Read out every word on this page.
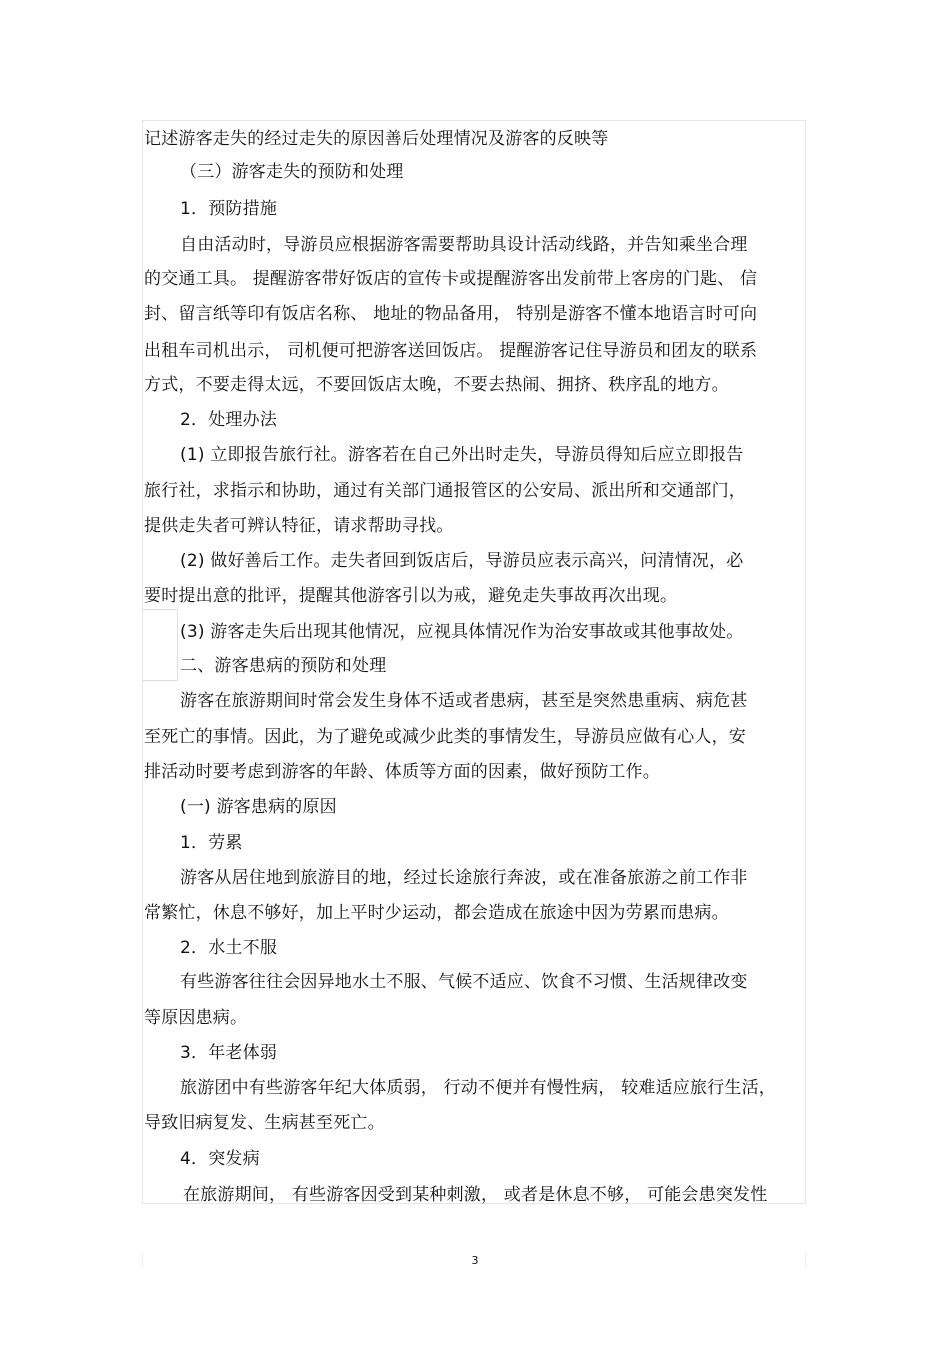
记述游客走失的经过走失的原因善后处理情况及游客的反映等
（三）游客走失的预防和处理
1．预防措施
自由活动时，导游员应根据游客需要帮助具设计活动线路，并告知乘坐合理
的交通工具。 提醒游客带好饭店的宣传卡或提醒游客出发前带上客房的门匙、 信
封、留言纸等印有饭店名称、 地址的物品备用， 特别是游客不懂本地语言时可向
出租车司机出示， 司机便可把游客送回饭店。 提醒游客记住导游员和团友的联系
方式，不要走得太远，不要回饭店太晚，不要去热闹、拥挤、秩序乱的地方。
2．处理办法
(1) 立即报告旅行社。游客若在自己外出时走失，导游员得知后应立即报告
旅行社，求指示和协助，通过有关部门通报管区的公安局、派出所和交通部门，
提供走失者可辨认特征，请求帮助寻找。
(2) 做好善后工作。走失者回到饭店后，导游员应表示高兴，问清情况，必
要时提出意的批评，提醒其他游客引以为戒，避免走失事故再次出现。
(3) 游客走失后出现其他情况，应视具体情况作为治安事故或其他事故处。
二、游客患病的预防和处理
游客在旅游期间时常会发生身体不适或者患病，甚至是突然患重病、病危甚
至死亡的事情。因此，为了避免或减少此类的事情发生，导游员应做有心人，安
排活动时要考虑到游客的年龄、体质等方面的因素，做好预防工作。
(一) 游客患病的原因
1．劳累
游客从居住地到旅游目的地，经过长途旅行奔波，或在准备旅游之前工作非
常繁忙，休息不够好，加上平时少运动，都会造成在旅途中因为劳累而患病。
2．水土不服
有些游客往往会因异地水土不服、气候不适应、饮食不习惯、生活规律改变
等原因患病。
3．年老体弱
旅游团中有些游客年纪大体质弱， 行动不便并有慢性病， 较难适应旅行生活，
导致旧病复发、生病甚至死亡。
4．突发病
在旅游期间， 有些游客因受到某种刺激， 或者是休息不够， 可能会患突发性
3
